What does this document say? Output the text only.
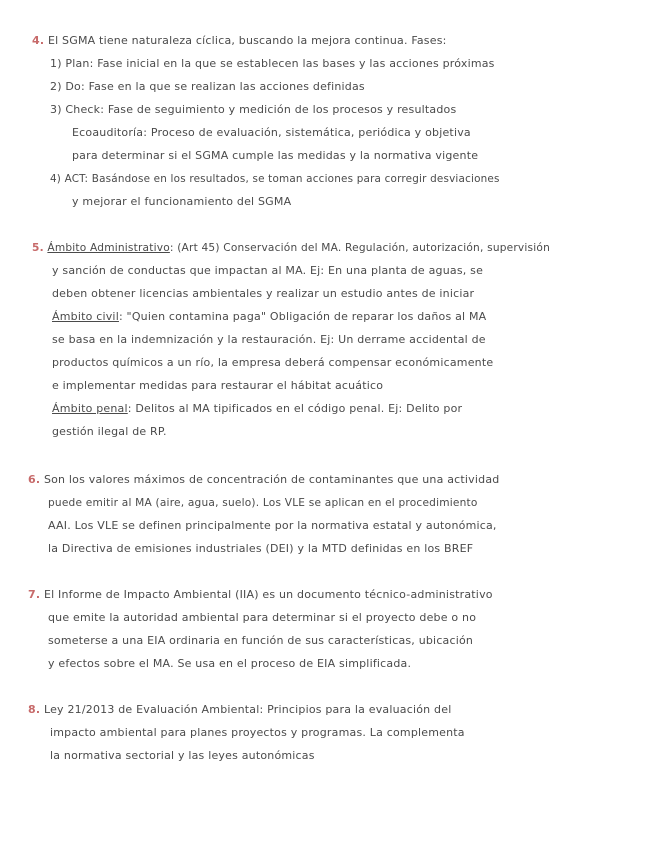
4. El SGMA tiene naturaleza cíclica, buscando la mejora continua. Fases:
1) Plan: Fase inicial en la que se establecen las bases y las acciones próximas
2) Do: Fase en la que se realizan las acciones definidas
3) Check: Fase de seguimiento y medición de los procesos y resultados
Ecoauditoría: Proceso de evaluación, sistemática, periódica y objetiva
para determinar si el SGMA cumple las medidas y la normativa vigente
4) ACT: Basándose en los resultados, se toman acciones para corregir desviaciones
y mejorar el funcionamiento del SGMA
5. Ámbito Administrativo: (Art 45) Conservación del MA. Regulación, autorización, supervisión
y sanción de conductas que impactan al MA. Ej: En una planta de aguas, se
deben obtener licencias ambientales y realizar un estudio antes de iniciar
Ámbito civil: "Quien contamina paga" Obligación de reparar los daños al MA
se basa en la indemnización y la restauración. Ej: Un derrame accidental de
productos químicos a un río, la empresa deberá compensar económicamente
e implementar medidas para restaurar el hábitat acuático
Ámbito penal: Delitos al MA tipificados en el código penal. Ej: Delito por
gestión ilegal de RP.
6. Son los valores máximos de concentración de contaminantes que una actividad
puede emitir al MA (aire, agua, suelo). Los VLE se aplican en el procedimiento
AAI. Los VLE se definen principalmente por la normativa estatal y autonómica,
la Directiva de emisiones industriales (DEI) y la MTD definidas en los BREF
7. El Informe de Impacto Ambiental (IIA) es un documento técnico-administrativo
que emite la autoridad ambiental para determinar si el proyecto debe o no
someterse a una EIA ordinaria en función de sus características, ubicación
y efectos sobre el MA. Se usa en el proceso de EIA simplificada.
8. Ley 21/2013 de Evaluación Ambiental: Principios para la evaluación del
impacto ambiental para planes proyectos y programas. La complementa
la normativa sectorial y las leyes autonómicas
